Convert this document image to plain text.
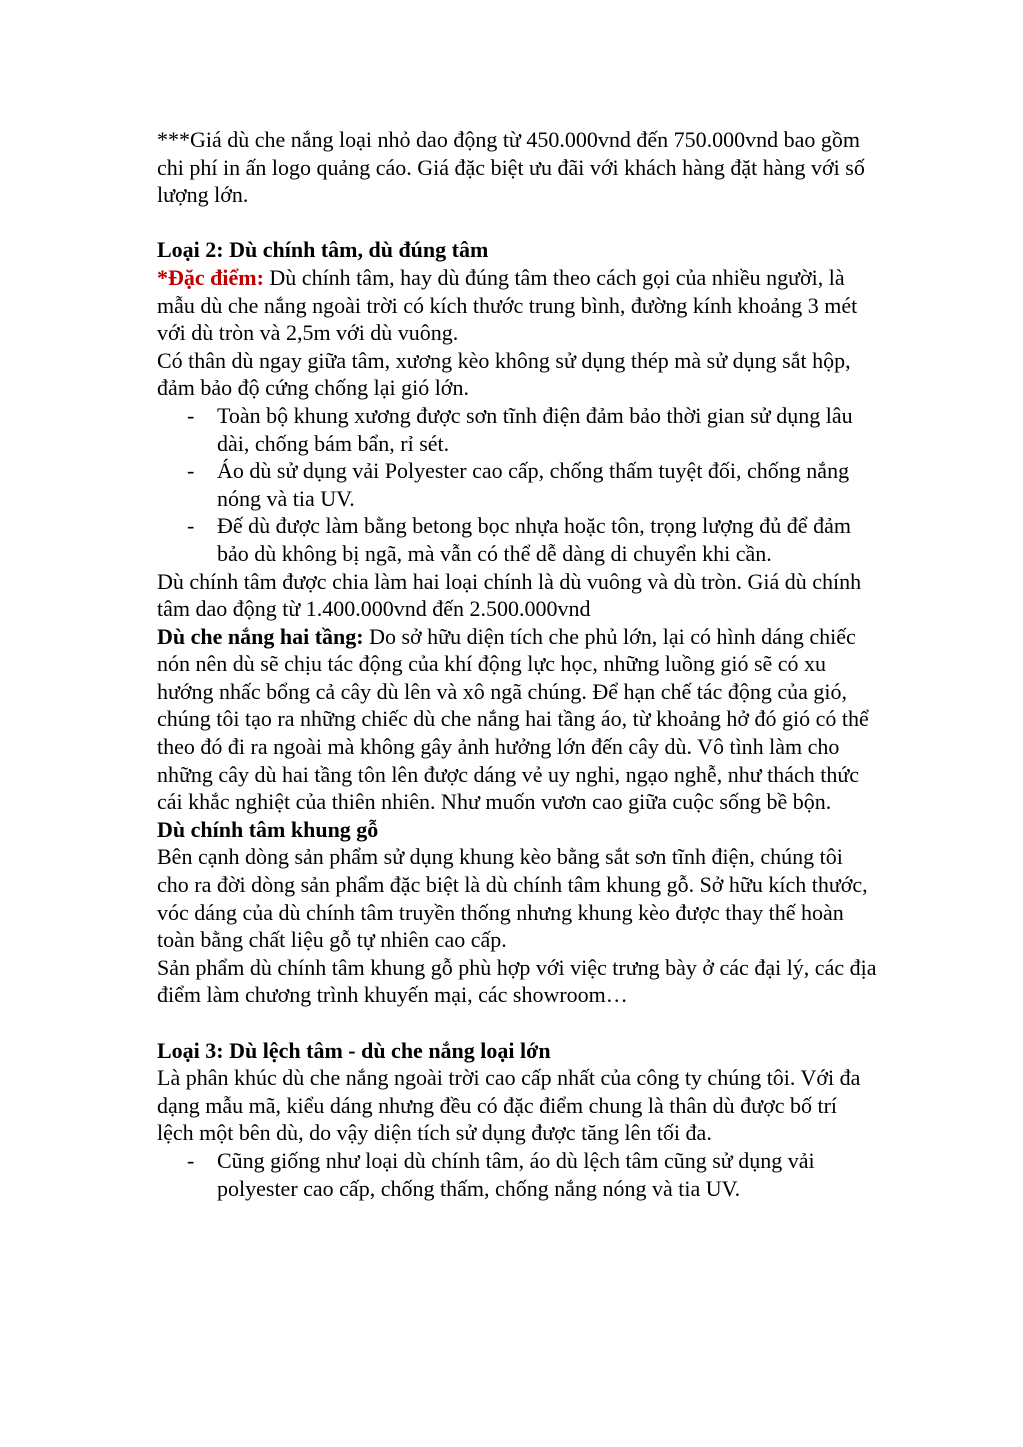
***Giá dù che nắng loại nhỏ dao động từ 450.000vnd đến 750.000vnd bao gồm chi phí in ấn logo quảng cáo. Giá đặc biệt ưu đãi với khách hàng đặt hàng với số lượng lớn.

Loại 2: Dù chính tâm, dù đúng tâm

*Đặc điểm: Dù chính tâm, hay dù đúng tâm theo cách gọi của nhiều người, là mẫu dù che nắng ngoài trời có kích thước trung bình, đường kính khoảng 3 mét với dù tròn và 2,5m với dù vuông.

Có thân dù ngay giữa tâm, xương kèo không sử dụng thép mà sử dụng sắt hộp, đảm bảo độ cứng chống lại gió lớn.

- Toàn bộ khung xương được sơn tĩnh điện đảm bảo thời gian sử dụng lâu dài, chống bám bẩn, rỉ sét.
- Áo dù sử dụng vải Polyester cao cấp, chống thấm tuyệt đối, chống nắng nóng và tia UV.
- Đế dù được làm bằng betong bọc nhựa hoặc tôn, trọng lượng đủ để đảm bảo dù không bị ngã, mà vẫn có thể dễ dàng di chuyển khi cần.

Dù chính tâm được chia làm hai loại chính là dù vuông và dù tròn. Giá dù chính tâm dao động từ 1.400.000vnd đến 2.500.000vnd

Dù che nắng hai tầng: Do sở hữu diện tích che phủ lớn, lại có hình dáng chiếc nón nên dù sẽ chịu tác động của khí động lực học, những luồng gió sẽ có xu hướng nhấc bổng cả cây dù lên và xô ngã chúng. Để hạn chế tác động của gió, chúng tôi tạo ra những chiếc dù che nắng hai tầng áo, từ khoảng hở đó gió có thể theo đó đi ra ngoài mà không gây ảnh hưởng lớn đến cây dù. Vô tình làm cho những cây dù hai tầng tôn lên được dáng vẻ uy nghi, ngạo nghễ, như thách thức cái khắc nghiệt của thiên nhiên. Như muốn vươn cao giữa cuộc sống bề bộn.

Dù chính tâm khung gỗ

Bên cạnh dòng sản phẩm sử dụng khung kèo bằng sắt sơn tĩnh điện, chúng tôi cho ra đời dòng sản phẩm đặc biệt là dù chính tâm khung gỗ. Sở hữu kích thước, vóc dáng của dù chính tâm truyền thống nhưng khung kèo được thay thế hoàn toàn bằng chất liệu gỗ tự nhiên cao cấp.

Sản phẩm dù chính tâm khung gỗ phù hợp với việc trưng bày ở các đại lý, các địa điểm làm chương trình khuyến mại, các showroom…

Loại 3: Dù lệch tâm - dù che nắng loại lớn

Là phân khúc dù che nắng ngoài trời cao cấp nhất của công ty chúng tôi. Với đa dạng mẫu mã, kiểu dáng nhưng đều có đặc điểm chung là thân dù được bố trí lệch một bên dù, do vậy diện tích sử dụng được tăng lên tối đa.

- Cũng giống như loại dù chính tâm, áo dù lệch tâm cũng sử dụng vải polyester cao cấp, chống thấm, chống nắng nóng và tia UV.
